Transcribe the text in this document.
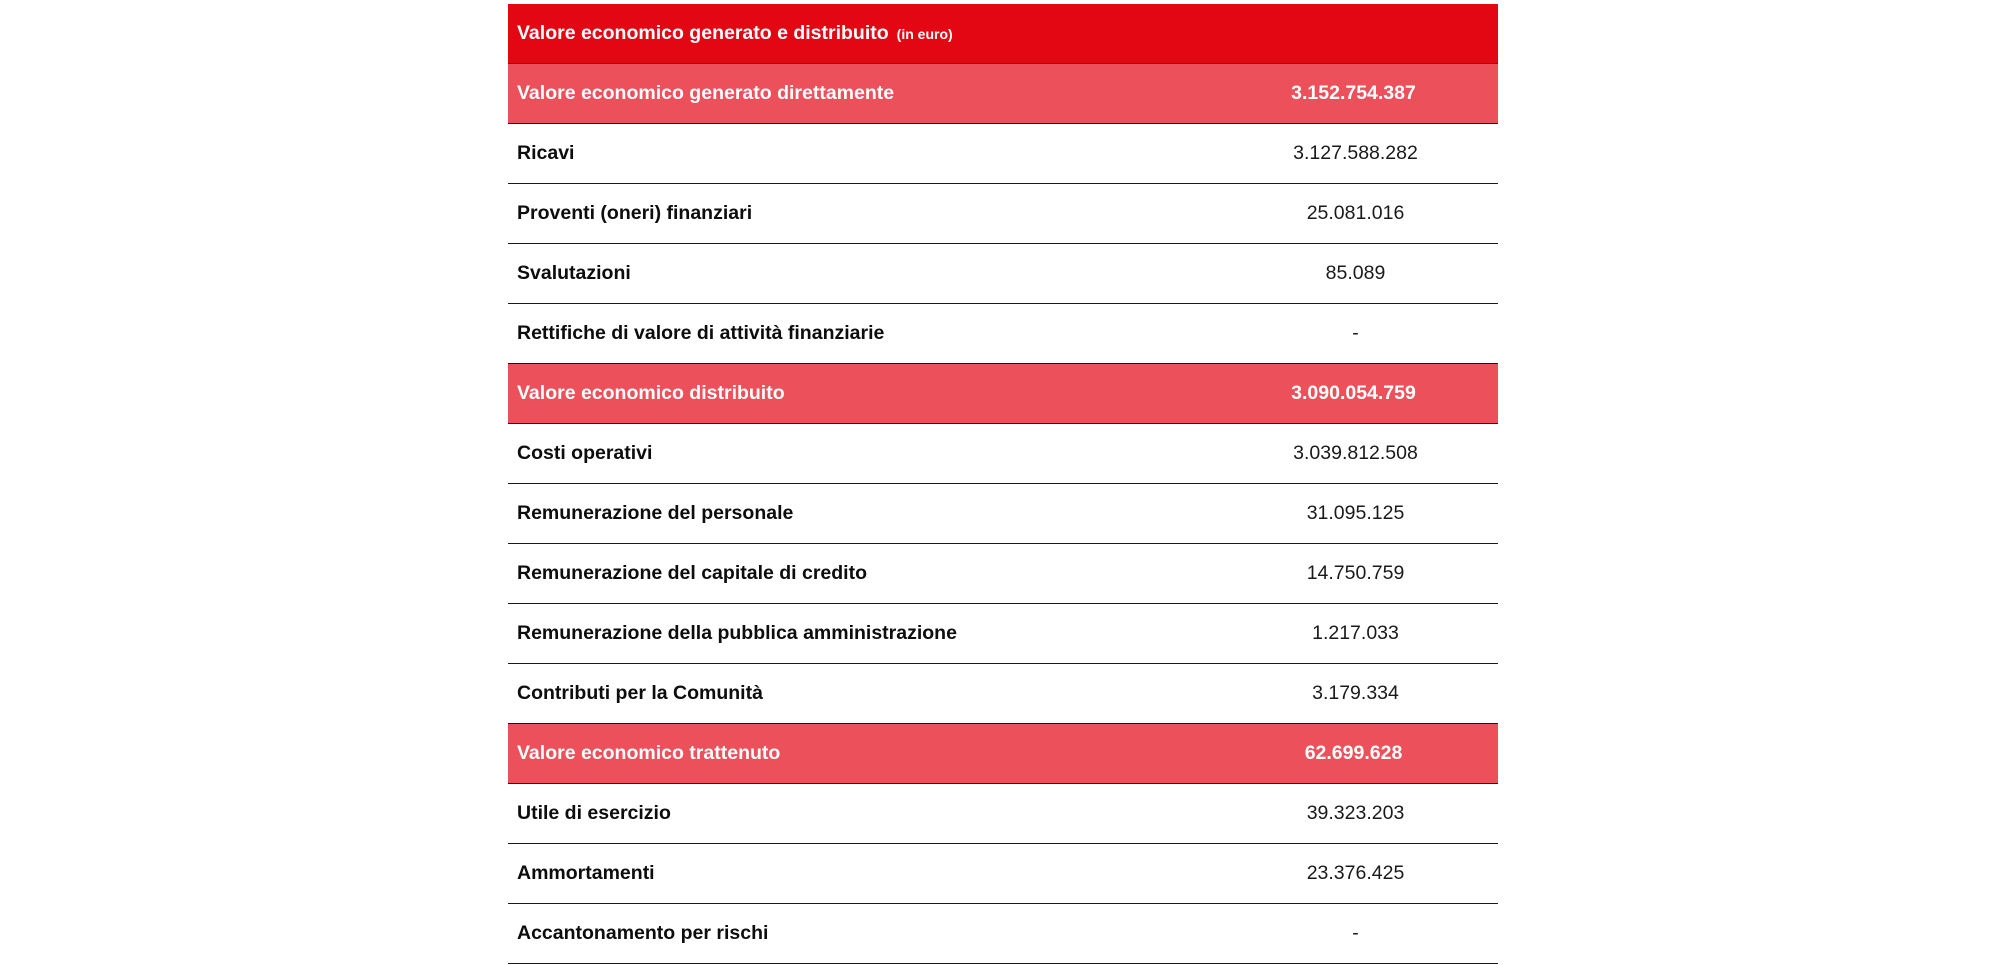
Valore economico generato e distribuito (in euro)
Valore economico generato direttamente	3.152.754.387
Ricavi	3.127.588.282
Proventi (oneri) finanziari	25.081.016
Svalutazioni	85.089
Rettifiche di valore di attività finanziarie	-
Valore economico distribuito	3.090.054.759
Costi operativi	3.039.812.508
Remunerazione del personale	31.095.125
Remunerazione del capitale di credito	14.750.759
Remunerazione della pubblica amministrazione	1.217.033
Contributi per la Comunità	3.179.334
Valore economico trattenuto	62.699.628
Utile di esercizio	39.323.203
Ammortamenti	23.376.425
Accantonamento per rischi	-
